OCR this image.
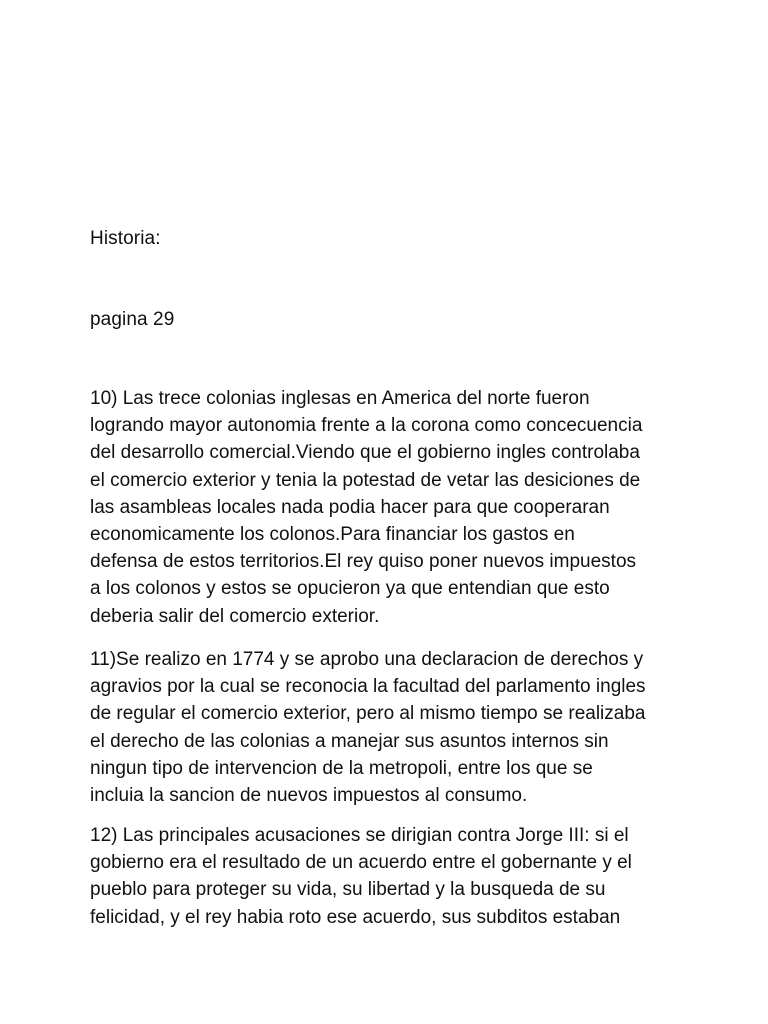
Historia:
pagina 29
10) Las trece colonias inglesas en America del norte fueron
logrando mayor autonomia frente a la corona como concecuencia
del desarrollo comercial.Viendo que el gobierno ingles controlaba
el comercio exterior y tenia la potestad de vetar las desiciones de
las asambleas locales nada podia hacer para que cooperaran
economicamente los colonos.Para financiar los gastos en
defensa de estos territorios.El rey quiso poner nuevos impuestos
a los colonos y estos se opucieron ya que entendian que esto
deberia salir del comercio exterior.
11)Se realizo en 1774 y se aprobo una declaracion de derechos y
agravios por la cual se reconocia la facultad del parlamento ingles
de regular el comercio exterior, pero al mismo tiempo se realizaba
el derecho de las colonias a manejar sus asuntos internos sin
ningun tipo de intervencion de la metropoli, entre los que se
incluia la sancion de nuevos impuestos al consumo.
12) Las principales acusaciones se dirigian contra Jorge III: si el
gobierno era el resultado de un acuerdo entre el gobernante y el
pueblo para proteger su vida, su libertad y la busqueda de su
felicidad, y el rey habia roto ese acuerdo, sus subditos estaban
